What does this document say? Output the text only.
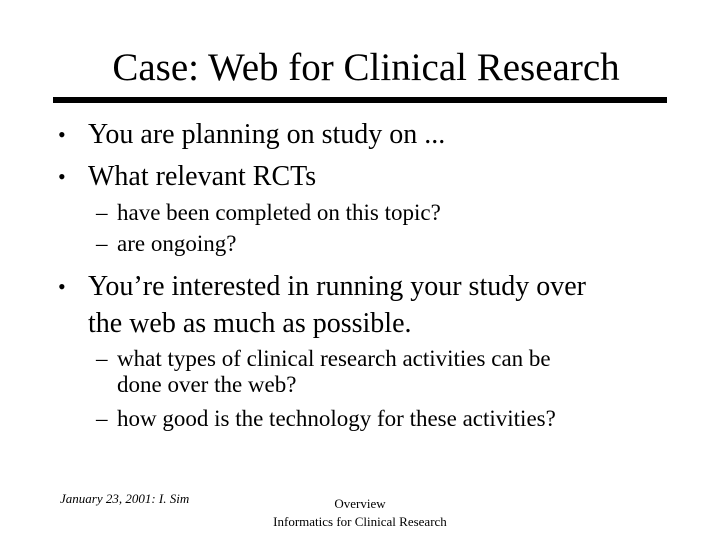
Case: Web for Clinical Research
• You are planning on study on ...
• What relevant RCTs
– have been completed on this topic?
– are ongoing?
• You’re interested in running your study over
the web as much as possible.
– what types of clinical research activities can be
done over the web?
– how good is the technology for these activities?
January 23, 2001: I. Sim	Overview
Informatics for Clinical Research
